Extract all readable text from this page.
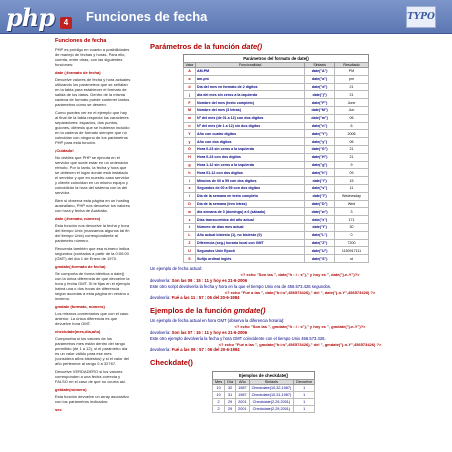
php	4 Funciones de fecha	TYPO
Funciones de fecha

PHP es pródigo en cuanto a posibilidades de manejo de fechas y horas. Para ello, cuenta, entre otras, con las siguientes funciones:

date (;formato de fecha)

Devuelve valores de fecha y hora actuales utilizando los parámetros que se señalan en la tabla para establecer el formato de salida de los datos. Dentro de la misma cadena de formato puede contener tantos parámetros como se deseen.

Como puedes ver en el ejemplo que hay al final de la tabla respecta los caracteres separadores: espacios, dos puntos, guiones, diéresis que se hubieran incluido en la cadena de formato siempre que no coincidan con ninguno de los parámetros PHP para esta función.

¡Cuidado!

No olvides que PHP se ejecuta en el servidor que suele estar en un ordenador remoto. Por lo tanto, la fecha y hora que se obtienen el lugar donde está instalado el servidor y que en nuestro caso servidor y cliente coincidan en un mismo equipo y coincidirán la hora del sistema con la del servidor.

Bien si observa esta página en un hosting australiano, PHP nos devuelve los valores con hora y fecha de Australia.

date (;formato, número)

Esta función nos devuelve la fecha y hora del tiempo Unix (marcamos algunos tal fin del tiempo Unix) correspondiente al parámetro número.

Recuerda también que esa número indica segundos (contados a partir de la 0:00:00 (GMT) del día 1 de Enero de 1970.

gmdate(;formato de fecha)

Se comporta de forma idéntica a date() con la única diferencia de que devuelve la hora y fecha GMT. Si te fijas en el ejemplo habrá una o dos horas de diferencia según accedas a esta página en verano o invierno.

gmdate (formato, número)

Los mismos comentarios que con el caso anterior. La única diferencia es que devuelve hora GMT.

checkdate(mes,día,año)

Comprueba si los valores de los parámetros mes están dentro del rango permitido (de 1 a 12), si el parámetro día es un valor válido para ese mes (considera años bisiestos) y si el valor del año pertenece al rango 0 a 32767.

Devuelve VERDADERO si los valores corresponden a una fecha correcta y FALSO en el caso de que no ocurra así.

getdate(número)

Esta función devuelve un array asociativo con los parámetros indicados:

sec
Parámetros de la función date()
Parámetros del formato de date()
Valor	Funcionalidad	Sintaxis	Resultado
A	AM-PM	date("A")	PM
a	am-pm	date("a")	pm
d	Día del mes en formato de 2 dígitos	date("d")	21
j	día del mes sin ceros a la izquierda	date("j")	21
F	Nombre del mes (texto completo)	date("F")	June
M	Nombre del mes (3 letras)	date("M")	Jun
m	Nº del mes (de 01 a 12) con dos dígitos	date("m")	06
n	Nº del mes (de 1 a 12) sin dos dígitos	date("n")	6
Y	Año con cuatro dígitos	date("Y")	2006
y	Año con dos dígitos	date("y")	06
G	Hora 0-23 sin ceros a la izquierda	date("G")	21
H	Hora 0-23 con dos dígitos	date("H")	21
g	Hora 1-12 sin ceros a la izquierda	date("g")	9
h	Hora 01-12 con dos dígitos	date("h")	09
i	Minutos de 00 a 59 con dos dígitos	date("i")	15
s	Segundos de 00 a 59 con dos dígitos	date("s")	11
l	Día de la semana en texto completo	date("l")	Wednesday
D	Día de la semana (tres letras)	date("D")	Wed
w	día semana de 0 (domingo) a 6 (sábado)	date("w")	3
z	Días transcurridos del año actual	date("z")	171
t	Número de días mes actual	date("t")	30
L	Año actual bisiesto (1), no bisiesto (0)	date("L")	0
Z	Diferencia (seg.) horaria local con GMT	date("Z")	7200
U	Segundos Unix Epoch	date("U")	1150917111
S	Sufijo ordinal inglés	date("S")	st
Un ejemplo de fecha actual:
<? echo "Son las ", date("h : i : s")," y hoy es ", date("j-n-Y")?>
devolvería: Son las 09 : 15 : 11 y hoy es 21-6-2006
Este otro script devolvería la fecha y hora en la que el tiempo Unix era de 456.573.426 segundos.
<? echo "Fué a las ", date("h:i:s",456573426)," del ", date("j-n-Y",456573426) ?>
devolvería: Fué a las 11 : 57 : 06 del 20-6-1984
Ejemplos de la función gmdate()
Un ejemplo de fecha actual en hora GMT (observa la diferencia horaria):
<? echo "Son las ", gmdate("h : i : s")," y hoy es ", gmdate("j-n-Y")?>
devolvería: Son las 07 : 15 : 11 y hoy es 21-6-2006
Este otro ejemplo devolvería la fecha y hora GMT coincidente con el tiempo Unix 456.573.426.
<? echo "Fué a las ", gmdate("h:i:s",456573426)," del ", gmdate("j-n-Y",456573426) ?>
devolvería: Fué a las 09 : 57 : 06 del 20-6-1984
Checkdate()
Ejemplos de checkdate()
Mes	Día	Año	Sintaxis	Devuelve
10	32	1987	Checkdate(10,32,1987)	1
10	31	1987	Checkdate(10,31,1987)	1
2	29	2001	Checkdate(2,29,2001)	1
2	29	2001	Checkdate(2,29,2001)	1
